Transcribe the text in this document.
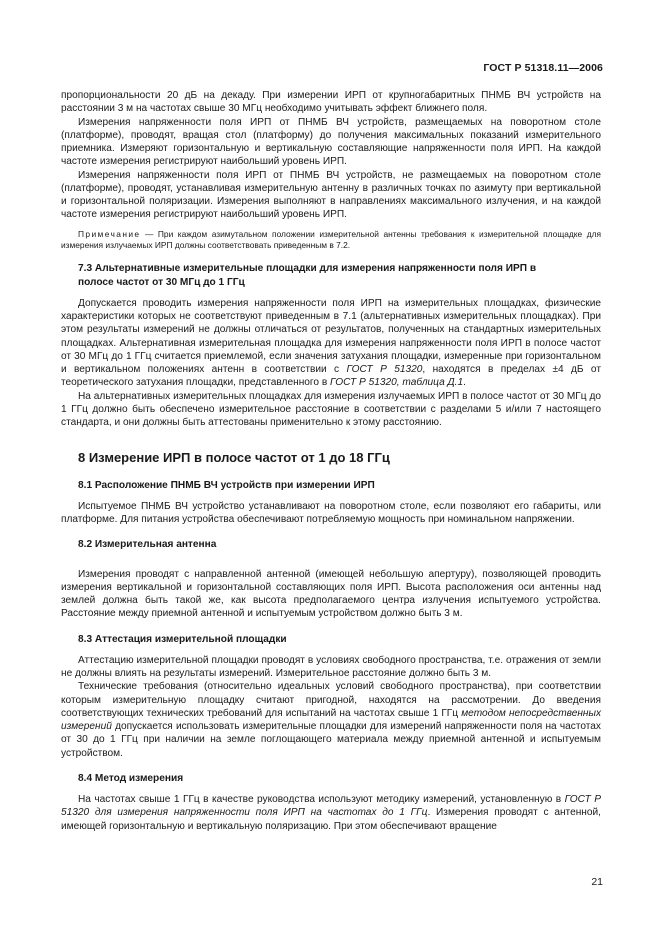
ГОСТ Р 51318.11—2006

пропорциональности 20 дБ на декаду. При измерении ИРП от крупногабаритных ПНМБ ВЧ устройств на расстоянии 3 м на частотах свыше 30 МГц необходимо учитывать эффект ближнего поля.

Измерения напряженности поля ИРП от ПНМБ ВЧ устройств, размещаемых на поворотном столе (платформе), проводят, вращая стол (платформу) до получения максимальных показаний измерительного приемника. Измеряют горизонтальную и вертикальную составляющие напряженности поля ИРП. На каждой частоте измерения регистрируют наибольший уровень ИРП.

Измерения напряженности поля ИРП от ПНМБ ВЧ устройств, не размещаемых на поворотном столе (платформе), проводят, устанавливая измерительную антенну в различных точках по азимуту при вертикальной и горизонтальной поляризации. Измерения выполняют в направлениях максимального излучения, и на каждой частоте измерения регистрируют наибольший уровень ИРП.

Примечание — При каждом азимутальном положении измерительной антенны требования к измерительной площадке для измерения излучаемых ИРП должны соответствовать приведенным в 7.2.

7.3 Альтернативные измерительные площадки для измерения напряженности поля ИРП в
полосе частот от 30 МГц до 1 ГГц

Допускается проводить измерения напряженности поля ИРП на измерительных площадках, физические характеристики которых не соответствуют приведенным в 7.1 (альтернативных измерительных площадках). При этом результаты измерений не должны отличаться от результатов, полученных на стандартных измерительных площадках. Альтернативная измерительная площадка для измерения напряженности поля ИРП в полосе частот от 30 МГц до 1 ГГц считается приемлемой, если значения затухания площадки, измеренные при горизонтальном и вертикальном положениях антенн в соответствии с ГОСТ Р 51320, находятся в пределах ±4 дБ от теоретического затухания площадки, представленного в ГОСТ Р 51320, таблица Д.1.

На альтернативных измерительных площадках для измерения излучаемых ИРП в полосе частот от 30 МГц до 1 ГГц должно быть обеспечено измерительное расстояние в соответствии с разделами 5 и/или 7 настоящего стандарта, и они должны быть аттестованы применительно к этому расстоянию.

8 Измерение ИРП в полосе частот от 1 до 18 ГГц
8.1 Расположение ПНМБ ВЧ устройств при измерении ИРП

Испытуемое ПНМБ ВЧ устройство устанавливают на поворотном столе, если позволяют его габариты, или платформе. Для питания устройства обеспечивают потребляемую мощность при номинальном напряжении.

8.2 Измерительная антенна

Измерения проводят с направленной антенной (имеющей небольшую апертуру), позволяющей проводить измерения вертикальной и горизонтальной составляющих поля ИРП. Высота расположения оси антенны над землей должна быть такой же, как высота предполагаемого центра излучения испытуемого устройства. Расстояние между приемной антенной и испытуемым устройством должно быть 3 м.

8.3 Аттестация измерительной площадки

Аттестацию измерительной площадки проводят в условиях свободного пространства, т.е. отражения от земли не должны влиять на результаты измерений. Измерительное расстояние должно быть 3 м.

Технические требования (относительно идеальных условий свободного пространства), при соответствии которым измерительную площадку считают пригодной, находятся на рассмотрении. До введения соответствующих технических требований для испытаний на частотах свыше 1 ГГц методом непосредственных измерений допускается использовать измерительные площадки для измерений напряженности поля на частотах от 30 до 1 ГГц при наличии на земле поглощающего материала между приемной антенной и испытуемым устройством.

8.4 Метод измерения

На частотах свыше 1 ГГц в качестве руководства используют методику измерений, установленную в ГОСТ Р 51320 для измерения напряженности поля ИРП на частотах до 1 ГГц. Измерения проводят с антенной, имеющей горизонтальную и вертикальную поляризацию. При этом обеспечивают вращение

21
